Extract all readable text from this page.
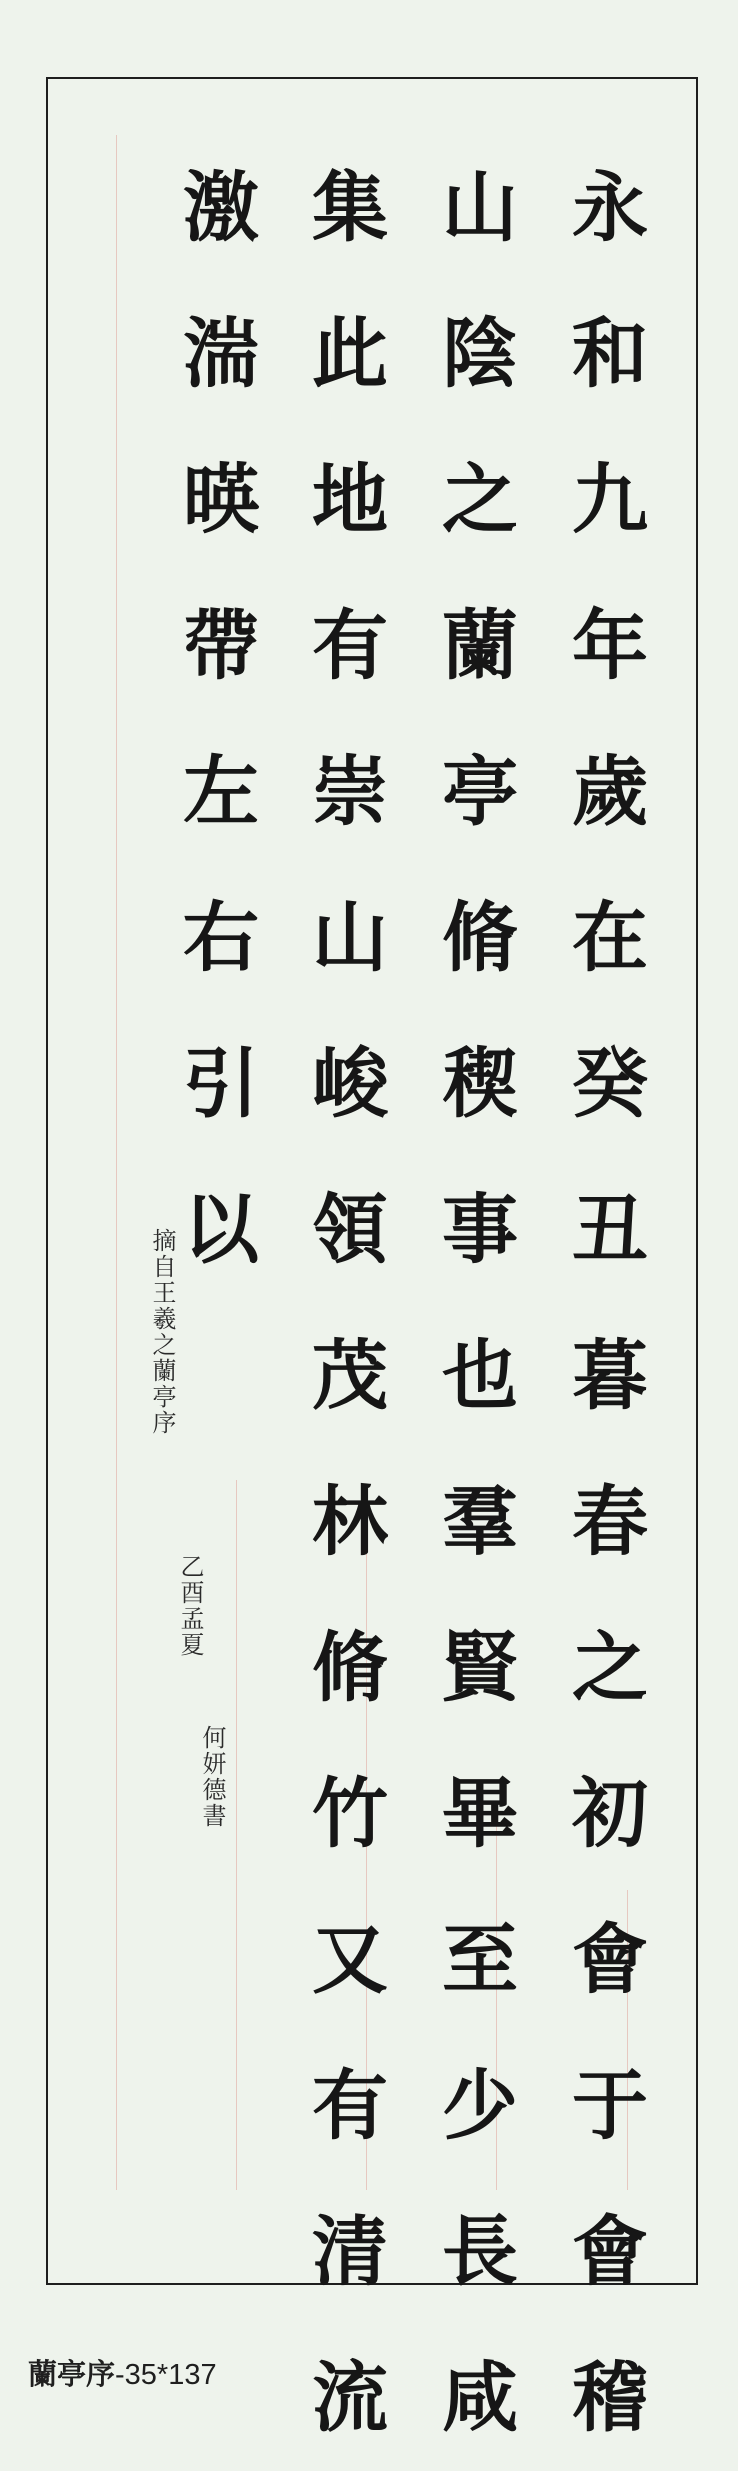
永
和
九
年
歲
在
癸
丑
暮
春
之
初
會
于
會
稽
山
陰
之
蘭
亭
脩
稧
事
也
羣
賢
畢
至
少
長
咸
集
此
地
有
崇
山
峻
領
茂
林
脩
竹
又
有
清
流
激
湍
暎
帶
左
右
引
以
摘自王羲之蘭亭序
乙酉孟夏
何妍德書
蘭亭序-35*137
